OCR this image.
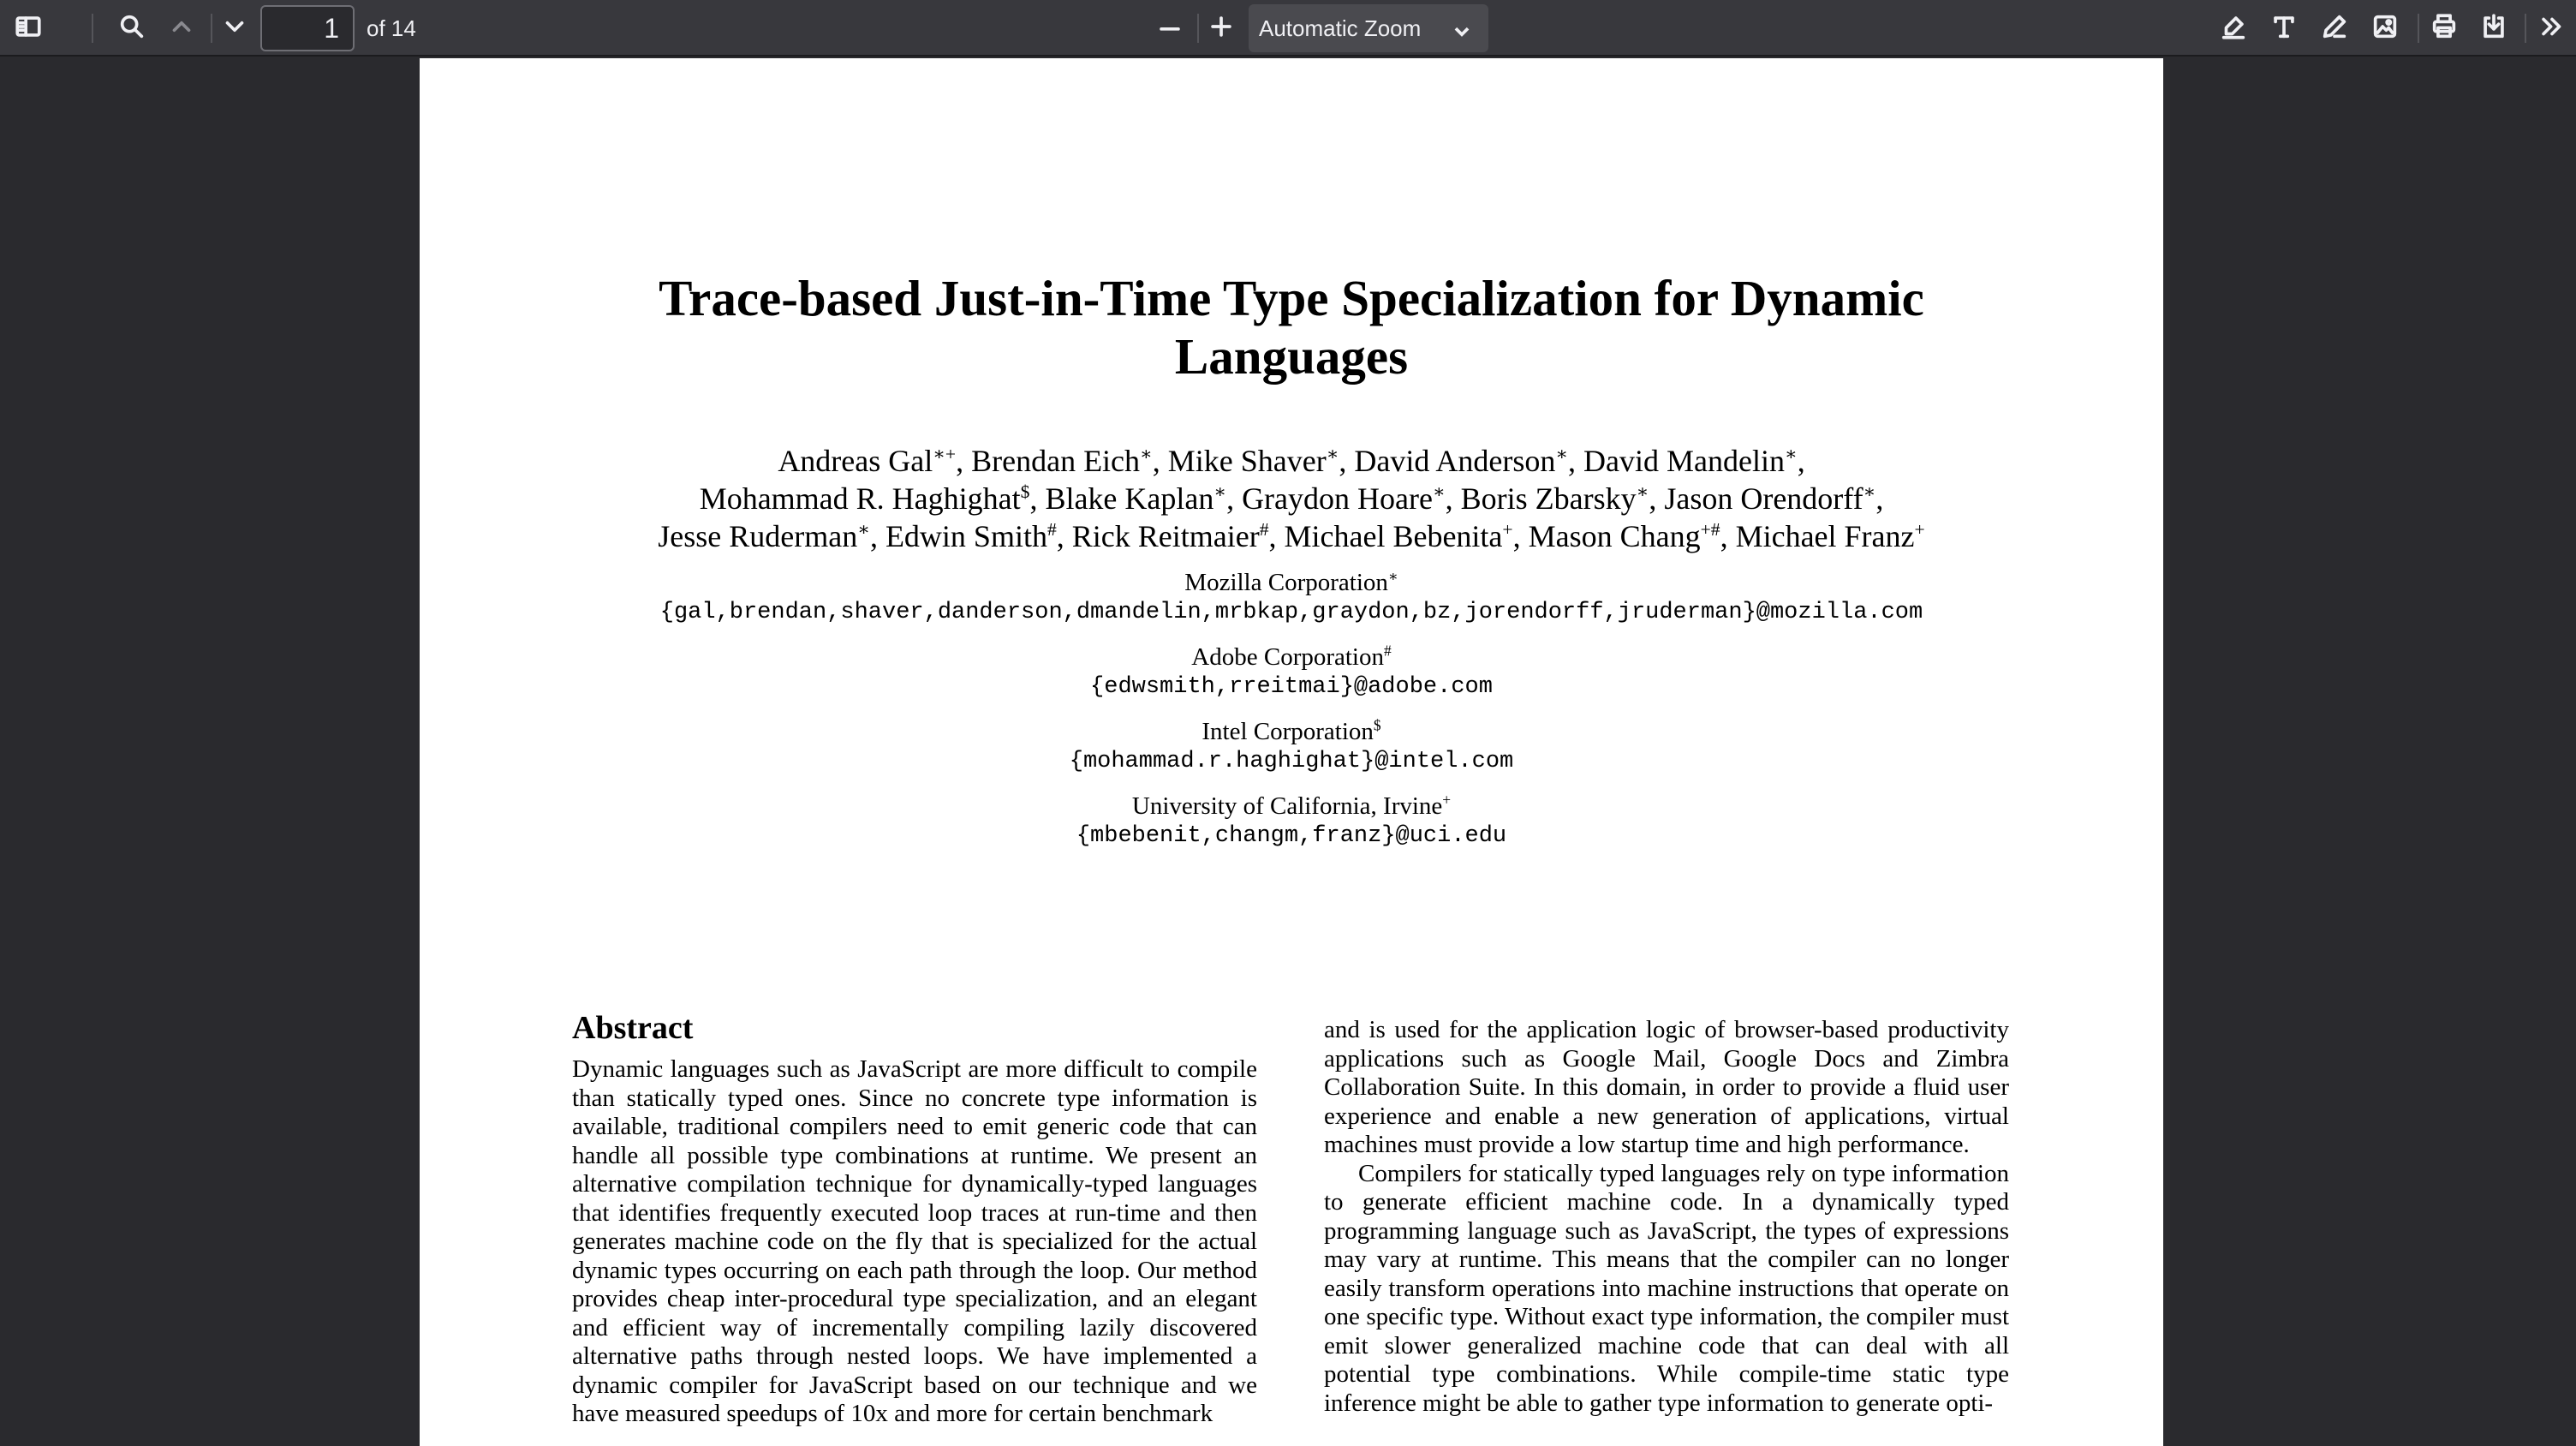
1
of 14	Automatic Zoom
Trace-based Just-in-Time Type Specialization for Dynamic
Languages
Andreas Gal∗+, Brendan Eich∗, Mike Shaver∗, David Anderson∗, David Mandelin∗,
Mohammad R. Haghighat$, Blake Kaplan∗, Graydon Hoare∗, Boris Zbarsky∗, Jason Orendorff∗,
Jesse Ruderman∗, Edwin Smith#, Rick Reitmaier#, Michael Bebenita+, Mason Chang+#, Michael Franz+
Mozilla Corporation∗
{gal,brendan,shaver,danderson,dmandelin,mrbkap,graydon,bz,jorendorff,jruderman}@mozilla.com
Adobe Corporation#
{edwsmith,rreitmai}@adobe.com
Intel Corporation$
{mohammad.r.haghighat}@intel.com
University of California, Irvine+
{mbebenit,changm,franz}@uci.edu
Abstract

Dynamic languages such as JavaScript are more difficult to compile than statically typed ones. Since no concrete type information is available, traditional compilers need to emit generic code that can handle all possible type combinations at runtime. We present an alternative compilation technique for dynamically-typed languages that identifies frequently executed loop traces at run-time and then generates machine code on the fly that is specialized for the actual dynamic types occurring on each path through the loop. Our method provides cheap inter-procedural type specialization, and an elegant and efficient way of incrementally compiling lazily discovered alternative paths through nested loops. We have implemented a dynamic compiler for JavaScript based on our technique and we have measured speedups of 10x and more for certain benchmark

and is used for the application logic of browser-based productivity applications such as Google Mail, Google Docs and Zimbra Collaboration Suite. In this domain, in order to provide a fluid user experience and enable a new generation of applications, virtual machines must provide a low startup time and high performance.

Compilers for statically typed languages rely on type information to generate efficient machine code. In a dynamically typed programming language such as JavaScript, the types of expressions may vary at runtime. This means that the compiler can no longer easily transform operations into machine instructions that operate on one specific type. Without exact type information, the compiler must emit slower generalized machine code that can deal with all potential type combinations. While compile-time static type inference might be able to gather type information to generate opti-
